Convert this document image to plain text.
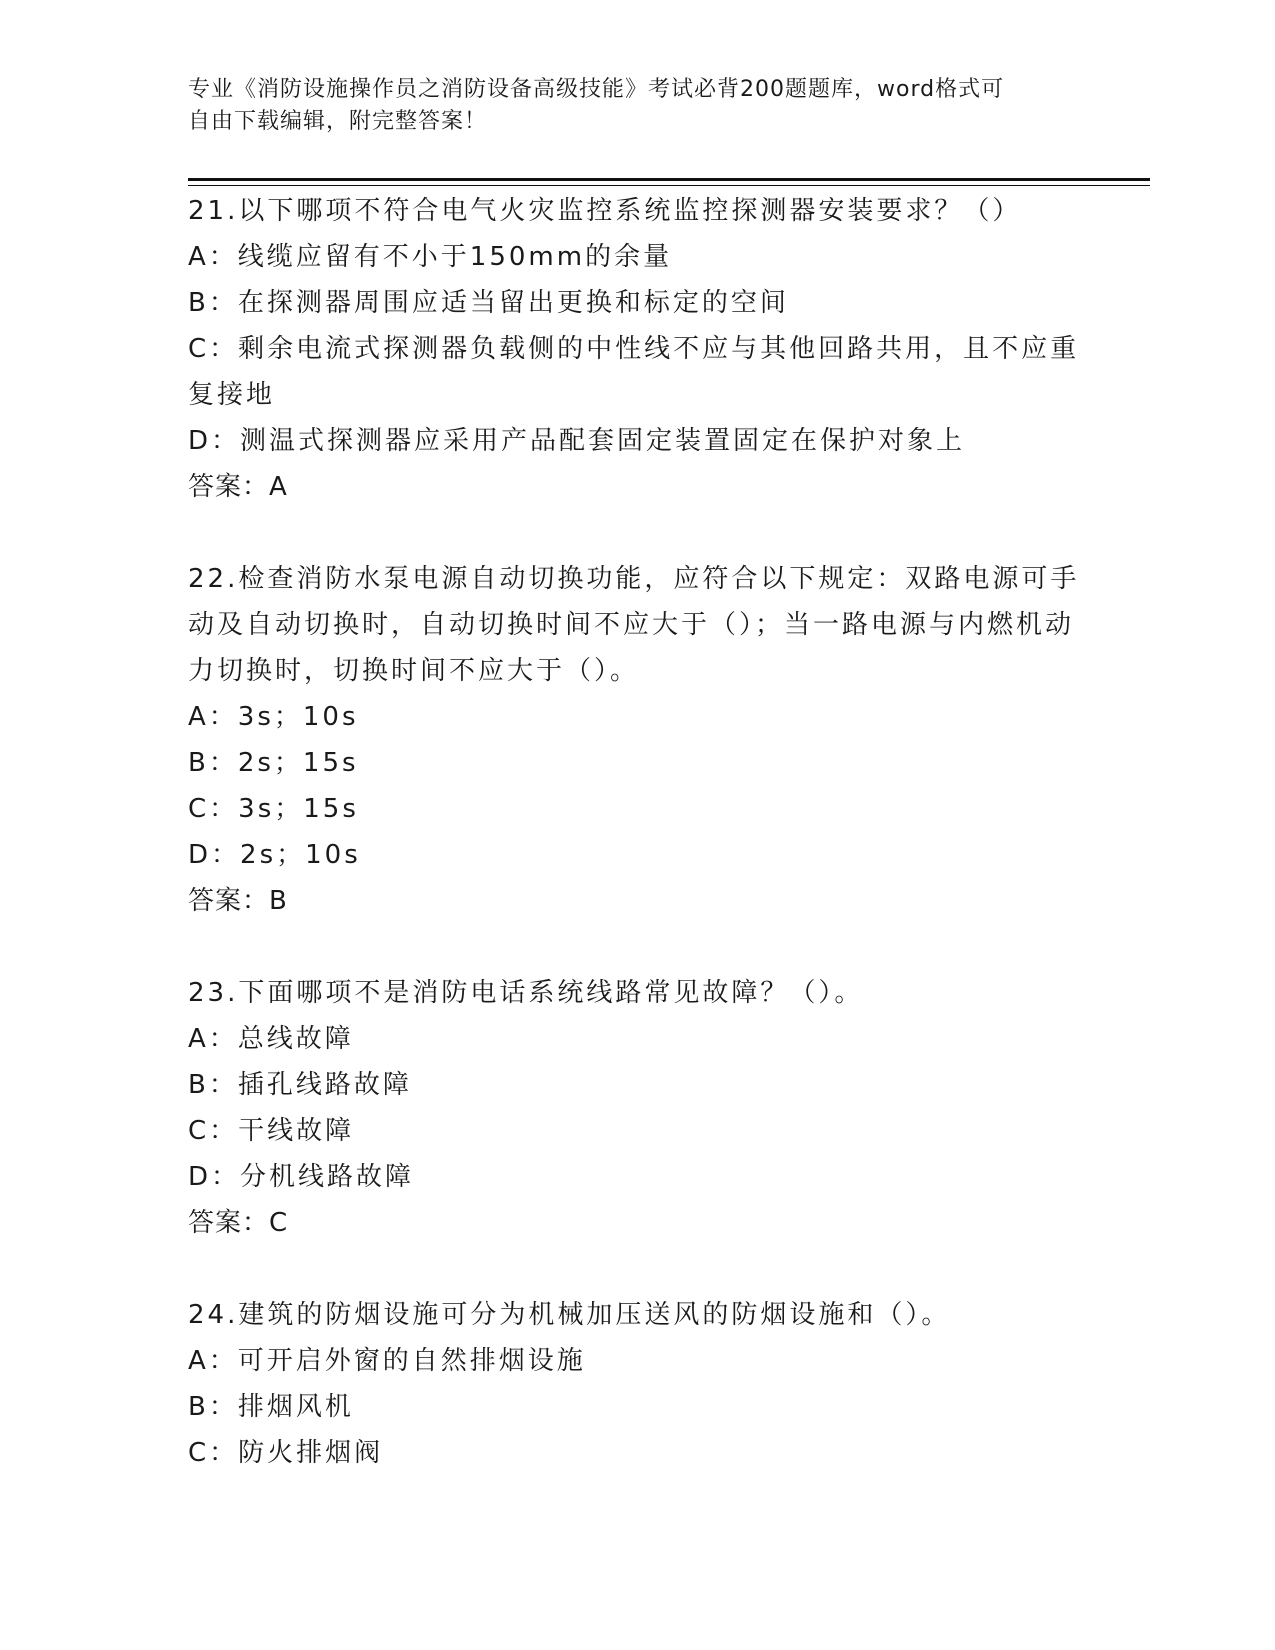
专业《消防设施操作员之消防设备高级技能》考试必背200题题库，word格式可
自由下载编辑，附完整答案！
21.以下哪项不符合电气火灾监控系统监控探测器安装要求？（）
A：线缆应留有不小于150mm的余量
B：在探测器周围应适当留出更换和标定的空间
C：剩余电流式探测器负载侧的中性线不应与其他回路共用，且不应重复接地
D：测温式探测器应采用产品配套固定装置固定在保护对象上
答案：A
22.检查消防水泵电源自动切换功能，应符合以下规定：双路电源可手动及自动切换时，自动切换时间不应大于（）；当一路电源与内燃机动力切换时，切换时间不应大于（）。
A：3s；10s
B：2s；15s
C：3s；15s
D：2s；10s
答案：B
23.下面哪项不是消防电话系统线路常见故障？（）。
A：总线故障
B：插孔线路故障
C：干线故障
D：分机线路故障
答案：C
24.建筑的防烟设施可分为机械加压送风的防烟设施和（）。
A：可开启外窗的自然排烟设施
B：排烟风机
C：防火排烟阀
